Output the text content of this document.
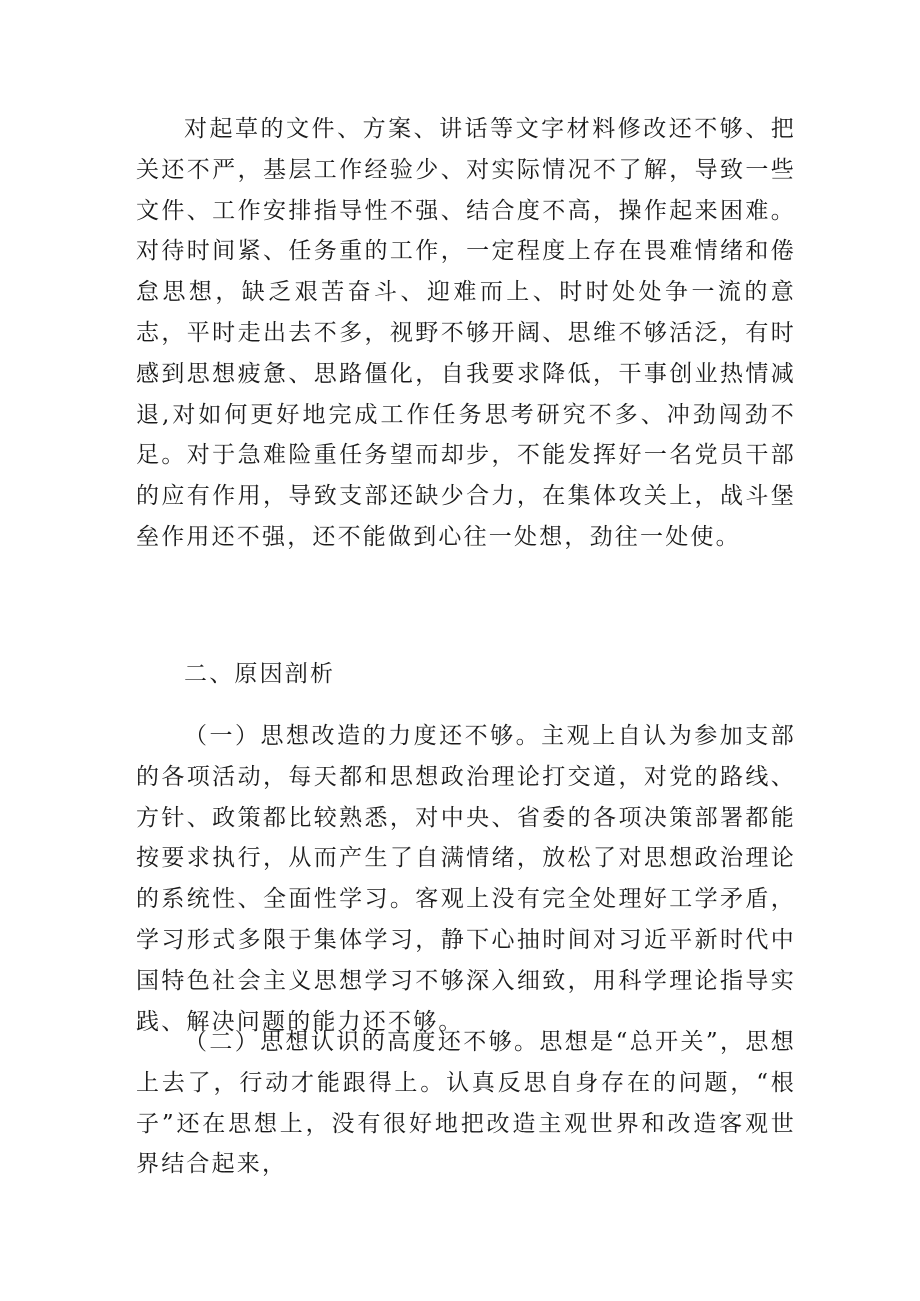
对起草的文件、方案、讲话等文字材料修改还不够、把关还不严，基层工作经验少、对实际情况不了解，导致一些文件、工作安排指导性不强、结合度不高，操作起来困难。对待时间紧、任务重的工作，一定程度上存在畏难情绪和倦怠思想，缺乏艰苦奋斗、迎难而上、时时处处争一流的意志，平时走出去不多，视野不够开阔、思维不够活泛，有时感到思想疲惫、思路僵化，自我要求降低，干事创业热情减退,对如何更好地完成工作任务思考研究不多、冲劲闯劲不足。对于急难险重任务望而却步，不能发挥好一名党员干部的应有作用，导致支部还缺少合力，在集体攻关上，战斗堡垒作用还不强，还不能做到心往一处想，劲往一处使。

二、原因剖析

（一）思想改造的力度还不够。主观上自认为参加支部的各项活动，每天都和思想政治理论打交道，对党的路线、方针、政策都比较熟悉，对中央、省委的各项决策部署都能按要求执行，从而产生了自满情绪，放松了对思想政治理论的系统性、全面性学习。客观上没有完全处理好工学矛盾，学习形式多限于集体学习，静下心抽时间对习近平新时代中国特色社会主义思想学习不够深入细致，用科学理论指导实践、解决问题的能力还不够。

（二）思想认识的高度还不够。思想是“总开关”，思想上去了，行动才能跟得上。认真反思自身存在的问题，“根子”还在思想上，没有很好地把改造主观世界和改造客观世界结合起来，
